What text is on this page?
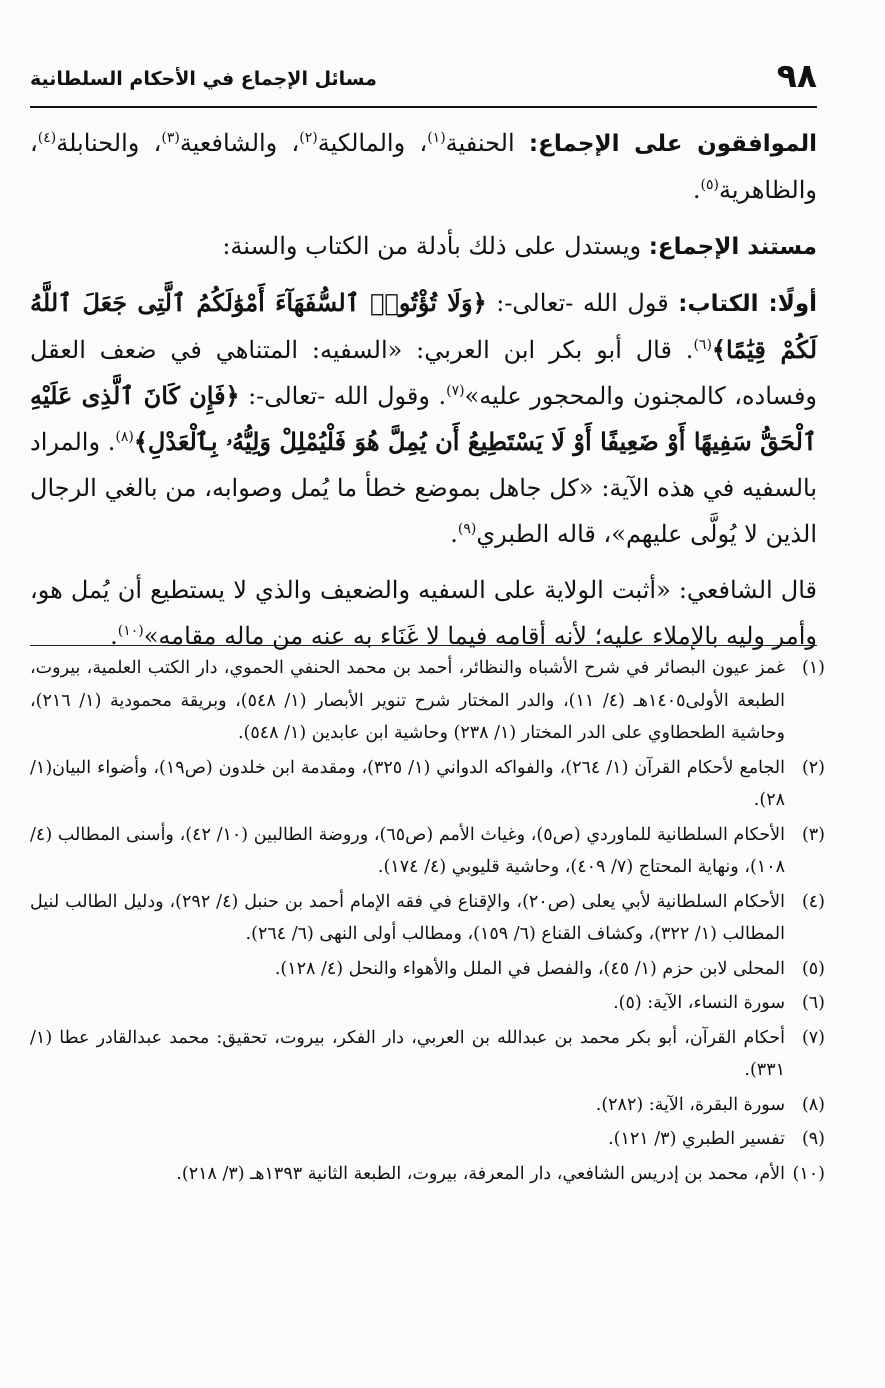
٩٨
مسائل الإجماع في الأحكام السلطانية

الموافقون على الإجماع: الحنفية$^{(١)}$، والمالكية$^{(٢)}$، والشافعية$^{(٣)}$، والحنابلة$^{(٤)}$، والظاهرية$^{(٥)}$.

مستند الإجماع: ويستدل على ذلك بأدلة من الكتاب والسنة:

أولًا: الكتاب: قول الله -تعالى-: ﴿وَلَا تُؤْتُوا۟ ٱلسُّفَهَآءَ أَمْوَٰلَكُمُ ٱلَّتِى جَعَلَ ٱللَّهُ لَكُمْ قِيَٰمًا﴾$^{(٦)}$. قال أبو بكر ابن العربي: «السفيه: المتناهي في ضعف العقل وفساده، كالمجنون والمحجور عليه»$^{(٧)}$. وقول الله -تعالى-: ﴿فَإِن كَانَ ٱلَّذِى عَلَيْهِ ٱلْحَقُّ سَفِيهًا أَوْ ضَعِيفًا أَوْ لَا يَسْتَطِيعُ أَن يُمِلَّ هُوَ فَلْيُمْلِلْ وَلِيُّهُۥ بِٱلْعَدْلِ﴾$^{(٨)}$. والمراد بالسفيه في هذه الآية: «كل جاهل بموضع خطأ ما يُمل وصوابه، من بالغي الرجال الذين لا يُولَّى عليهم»، قاله الطبري$^{(٩)}$.

قال الشافعي: «أثبت الولاية على السفيه والضعيف والذي لا يستطيع أن يُمل هو، وأمر وليه بالإملاء عليه؛ لأنه أقامه فيما لا غَنَاء به عنه من ماله مقامه»$^{(١٠)}$.

(١)
غمز عيون البصائر في شرح الأشباه والنظائر، أحمد بن محمد الحنفي الحموي، دار الكتب العلمية، بيروت، الطبعة الأولى١٤٠٥هـ (٤/ ١١)، والدر المختار شرح تنوير الأبصار (١/ ٥٤٨)، وبريقة محمودية (١/ ٢١٦)، وحاشية الطحطاوي على الدر المختار (١/ ٢٣٨) وحاشية ابن عابدين (١/ ٥٤٨).
(٢)
الجامع لأحكام القرآن (١/ ٢٦٤)، والفواكه الدواني (١/ ٣٢٥)، ومقدمة ابن خلدون (ص١٩)، وأضواء البيان(١/ ٢٨).
(٣)
الأحكام السلطانية للماوردي (ص٥)، وغياث الأمم (ص٦٥)، وروضة الطالبين (١٠/ ٤٢)، وأسنى المطالب (٤/ ١٠٨)، ونهاية المحتاج (٧/ ٤٠٩)، وحاشية قليوبي (٤/ ١٧٤).
(٤)
الأحكام السلطانية لأبي يعلى (ص٢٠)، والإقناع في فقه الإمام أحمد بن حنبل (٤/ ٢٩٢)، ودليل الطالب لنيل المطالب (١/ ٣٢٢)، وكشاف القناع (٦/ ١٥٩)، ومطالب أولى النهى (٦/ ٢٦٤).
(٥)
المحلى لابن حزم (١/ ٤٥)، والفصل في الملل والأهواء والنحل (٤/ ١٢٨).
(٦)
سورة النساء، الآية: (٥).
(٧)
أحكام القرآن، أبو بكر محمد بن عبدالله بن العربي، دار الفكر، بيروت، تحقيق: محمد عبدالقادر عطا (١/ ٣٣١).
(٨)
سورة البقرة، الآية: (٢٨٢).
(٩)
تفسير الطبري (٣/ ١٢١).
(١٠)
الأم، محمد بن إدريس الشافعي، دار المعرفة، بيروت، الطبعة الثانية ١٣٩٣هـ (٣/ ٢١٨).
